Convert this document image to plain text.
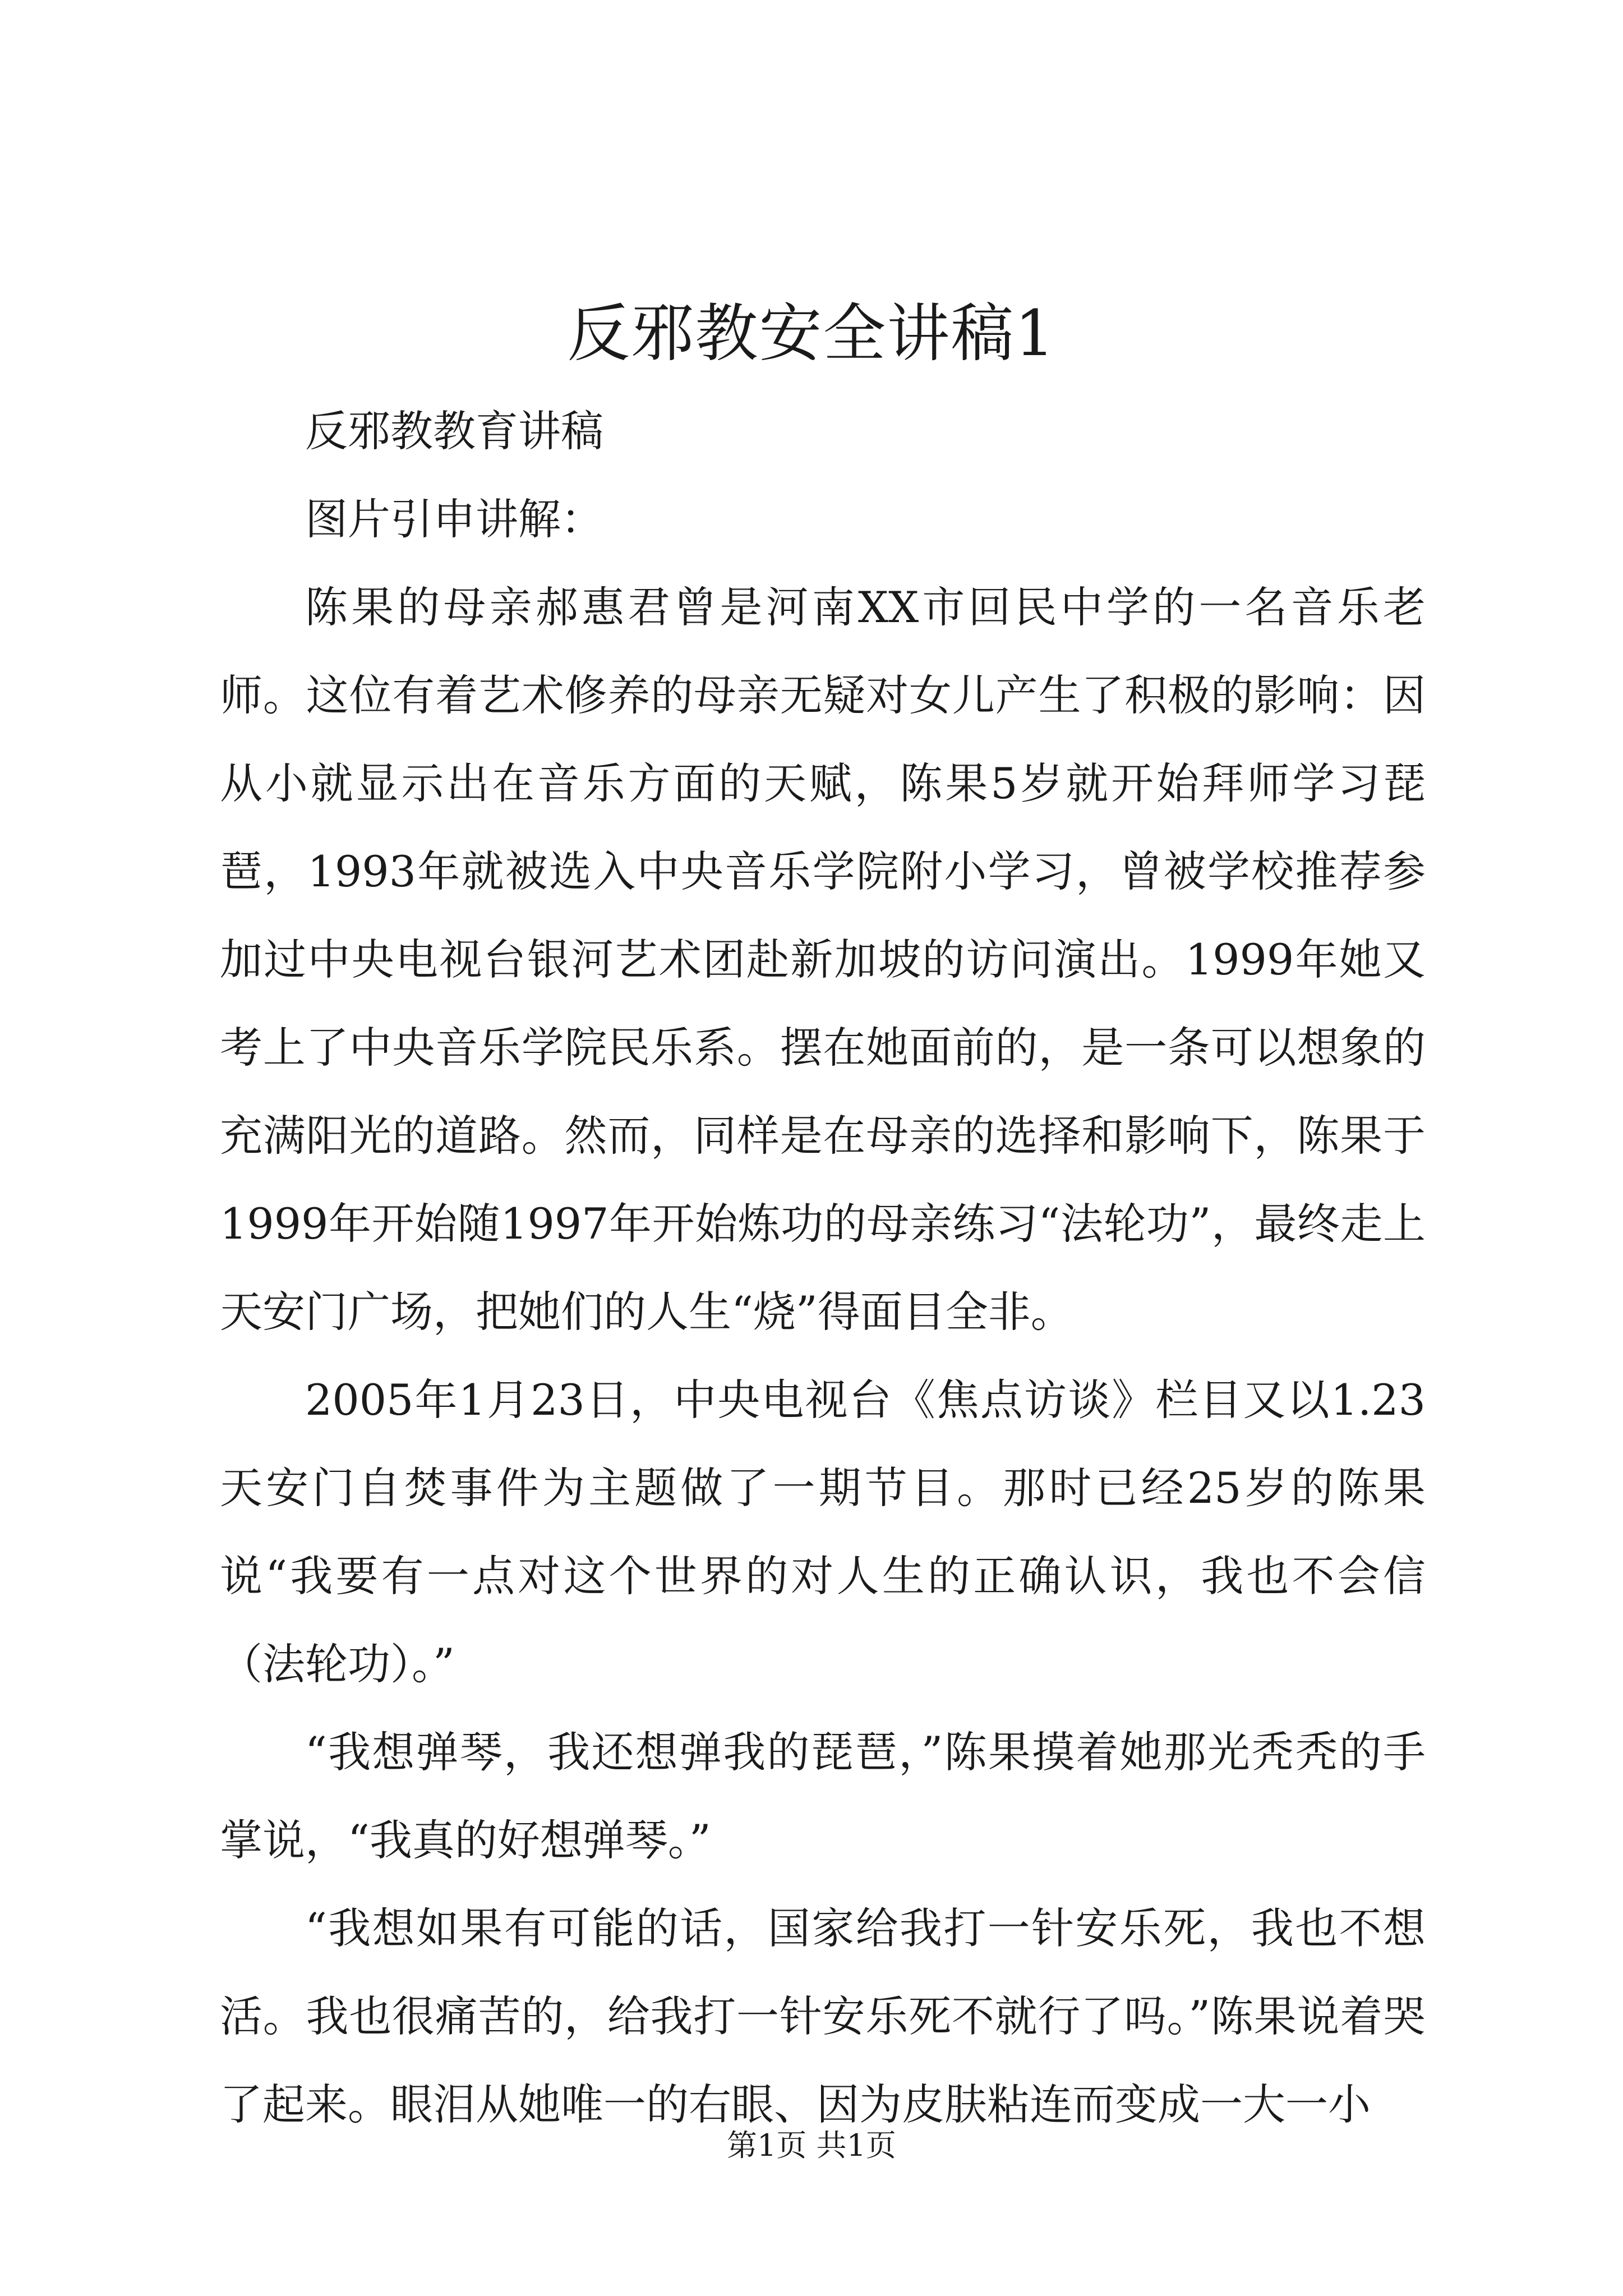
反邪教安全讲稿1

反邪教教育讲稿

图片引申讲解：

陈果的母亲郝惠君曾是河南XX市回民中学的一名音乐老师。这位有着艺术修养的母亲无疑对女儿产生了积极的影响：因从小就显示出在音乐方面的天赋，陈果5岁就开始拜师学习琵琶，1993年就被选入中央音乐学院附小学习，曾被学校推荐参加过中央电视台银河艺术团赴新加坡的访问演出。1999年她又考上了中央音乐学院民乐系。摆在她面前的，是一条可以想象的充满阳光的道路。然而，同样是在母亲的选择和影响下，陈果于1999年开始随1997年开始炼功的母亲练习“法轮功”，最终走上天安门广场，把她们的人生“烧”得面目全非。

2005年1月23日，中央电视台《焦点访谈》栏目又以1.23天安门自焚事件为主题做了一期节目。那时已经25岁的陈果说“我要有一点对这个世界的对人生的正确认识，我也不会信（法轮功）。”

“我想弹琴，我还想弹我的琵琶，”陈果摸着她那光秃秃的手掌说，“我真的好想弹琴。”

“我想如果有可能的话，国家给我打一针安乐死，我也不想活。我也很痛苦的，给我打一针安乐死不就行了吗。”陈果说着哭了起来。眼泪从她唯一的右眼、因为皮肤粘连而变成一大一小

第1页 共1页
